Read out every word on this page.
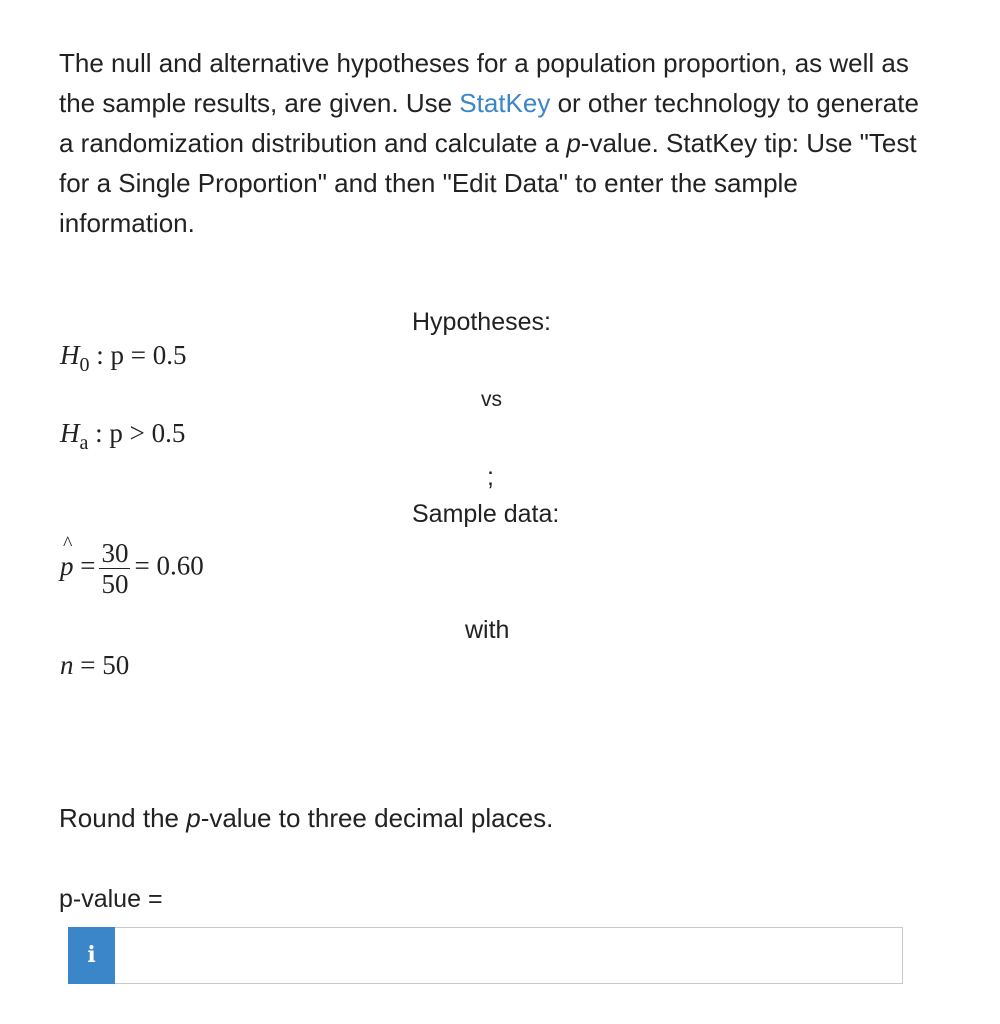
The null and alternative hypotheses for a population proportion, as well as the sample results, are given. Use StatKey or other technology to generate a randomization distribution and calculate a p-value. StatKey tip: Use "Test for a Single Proportion" and then "Edit Data" to enter the sample information.

Hypotheses:
$H_0$ : p = 0.5
vs
$H_a$ : p > 0.5
;
Sample data:
^
$p = \frac{30}{50} = 0.60$
with
n = 50

Round the p-value to three decimal places.

p-value =
i
